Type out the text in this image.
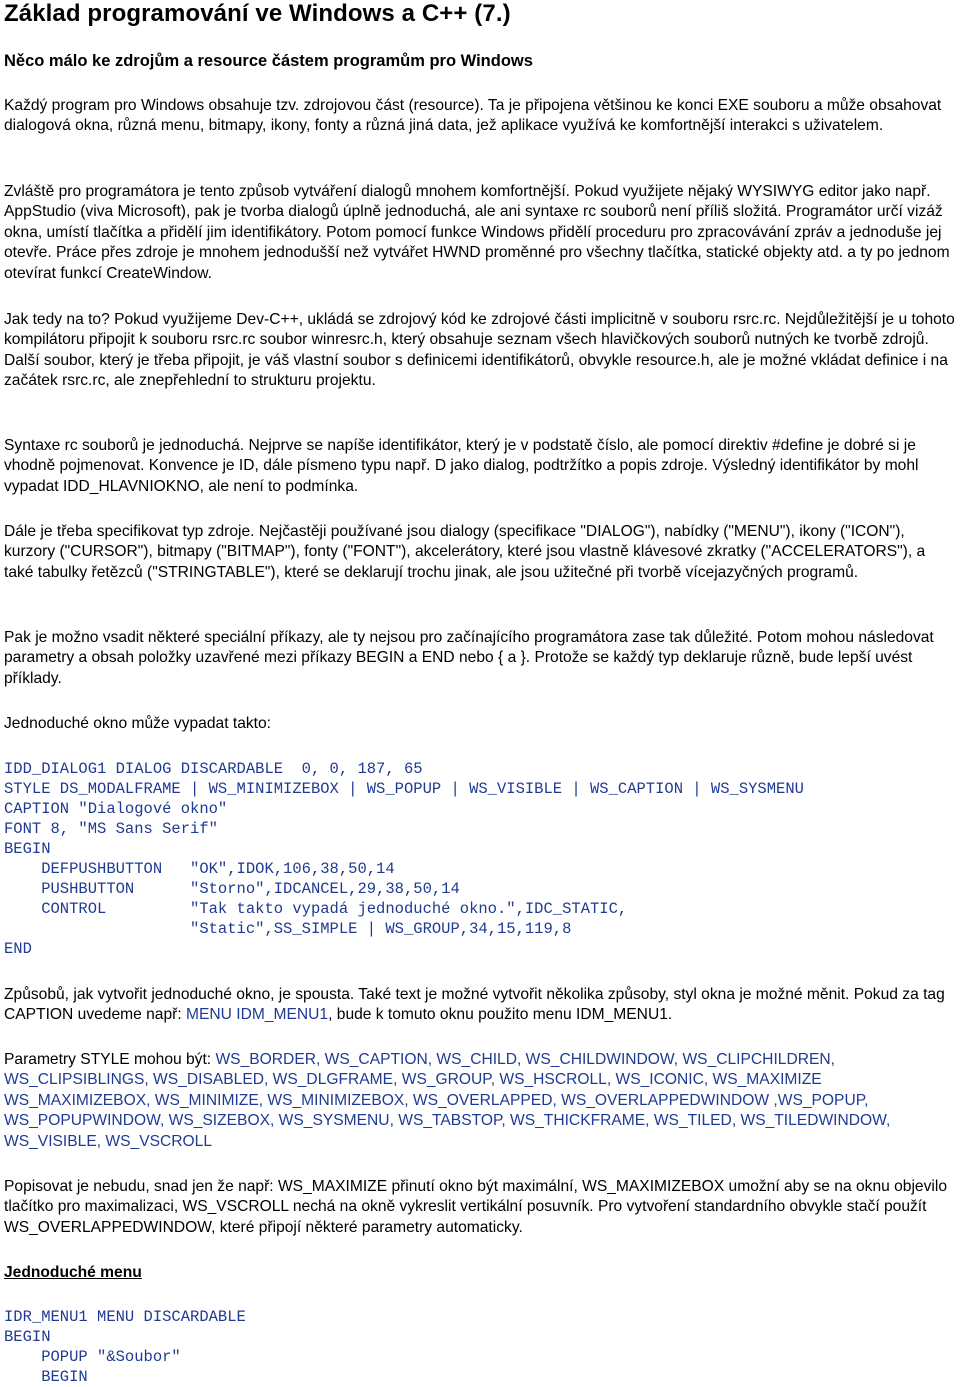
Základ programování ve Windows a C++ (7.)
Něco málo ke zdrojům a resource částem programům pro Windows

Každý program pro Windows obsahuje tzv. zdrojovou část (resource). Ta je připojena většinou ke konci EXE souboru a může obsahovat dialogová okna, různá menu, bitmapy, ikony, fonty a různá jiná data, jež aplikace využívá ke komfortnější interakci s uživatelem.

Zvláště pro programátora je tento způsob vytváření dialogů mnohem komfortnější. Pokud využijete nějaký WYSIWYG editor jako např. AppStudio (viva Microsoft), pak je tvorba dialogů úplně jednoduchá, ale ani syntaxe rc souborů není příliš složitá. Programátor určí vizáž okna, umístí tlačítka a přidělí jim identifikátory. Potom pomocí funkce Windows přidělí proceduru pro zpracovávání zpráv a jednoduše jej otevře. Práce přes zdroje je mnohem jednodušší než vytvářet HWND proměnné pro všechny tlačítka, statické objekty atd. a ty po jednom otevírat funkcí CreateWindow.

Jak tedy na to? Pokud využijeme Dev-C++, ukládá se zdrojový kód ke zdrojové části implicitně v souboru rsrc.rc. Nejdůležitější je u tohoto kompilátoru připojit k souboru rsrc.rc soubor winresrc.h, který obsahuje seznam všech hlavičkových souborů nutných ke tvorbě zdrojů. Další soubor, který je třeba připojit, je váš vlastní soubor s definicemi identifikátorů, obvykle resource.h, ale je možné vkládat definice i na začátek rsrc.rc, ale znepřehlední to strukturu projektu.

Syntaxe rc souborů je jednoduchá. Nejprve se napíše identifikátor, který je v podstatě číslo, ale pomocí direktiv #define je dobré si je vhodně pojmenovat. Konvence je ID, dále písmeno typu např. D jako dialog, podtržítko a popis zdroje. Výsledný identifikátor by mohl vypadat IDD_HLAVNIOKNO, ale není to podmínka.

Dále je třeba specifikovat typ zdroje. Nejčastěji používané jsou dialogy (specifikace "DIALOG"), nabídky ("MENU"), ikony ("ICON"), kurzory ("CURSOR"), bitmapy ("BITMAP"), fonty ("FONT"), akcelerátory, které jsou vlastně klávesové zkratky ("ACCELERATORS"), a také tabulky řetězců ("STRINGTABLE"), které se deklarují trochu jinak, ale jsou užitečné při tvorbě vícejazyčných programů.

Pak je možno vsadit některé speciální příkazy, ale ty nejsou pro začínajícího programátora zase tak důležité. Potom mohou následovat parametry a obsah položky uzavřené mezi příkazy BEGIN a END nebo { a }. Protože se každý typ deklaruje různě, bude lepší uvést příklady.

Jednoduché okno může vypadat takto:

IDD_DIALOG1 DIALOG DISCARDABLE  0, 0, 187, 65
STYLE DS_MODALFRAME | WS_MINIMIZEBOX | WS_POPUP | WS_VISIBLE | WS_CAPTION | WS_SYSMENU
CAPTION "Dialogové okno"
FONT 8, "MS Sans Serif"
BEGIN
DEFPUSHBUTTON   "OK",IDOK,106,38,50,14
PUSHBUTTON      "Storno",IDCANCEL,29,38,50,14
CONTROL         "Tak takto vypadá jednoduché okno.",IDC_STATIC,
"Static",SS_SIMPLE | WS_GROUP,34,15,119,8
END

Způsobů, jak vytvořit jednoduché okno, je spousta. Také text je možné vytvořit několika způsoby, styl okna je možné měnit. Pokud za tag CAPTION uvedeme např: MENU IDM_MENU1, bude k tomuto oknu použito menu IDM_MENU1.

Parametry STYLE mohou být: WS_BORDER, WS_CAPTION, WS_CHILD, WS_CHILDWINDOW, WS_CLIPCHILDREN, WS_CLIPSIBLINGS, WS_DISABLED, WS_DLGFRAME, WS_GROUP, WS_HSCROLL, WS_ICONIC, WS_MAXIMIZE WS_MAXIMIZEBOX, WS_MINIMIZE, WS_MINIMIZEBOX, WS_OVERLAPPED, WS_OVERLAPPEDWINDOW ,WS_POPUP, WS_POPUPWINDOW, WS_SIZEBOX, WS_SYSMENU, WS_TABSTOP, WS_THICKFRAME, WS_TILED, WS_TILEDWINDOW, WS_VISIBLE, WS_VSCROLL

Popisovat je nebudu, snad jen že např: WS_MAXIMIZE přinutí okno být maximální, WS_MAXIMIZEBOX umožní aby se na oknu objevilo tlačítko pro maximalizaci, WS_VSCROLL nechá na okně vykreslit vertikální posuvník. Pro vytvoření standardního obvykle stačí použít WS_OVERLAPPEDWINDOW, které připojí některé parametry automaticky.

Jednoduché menu

IDR_MENU1 MENU DISCARDABLE
BEGIN
POPUP "&Soubor"
BEGIN
